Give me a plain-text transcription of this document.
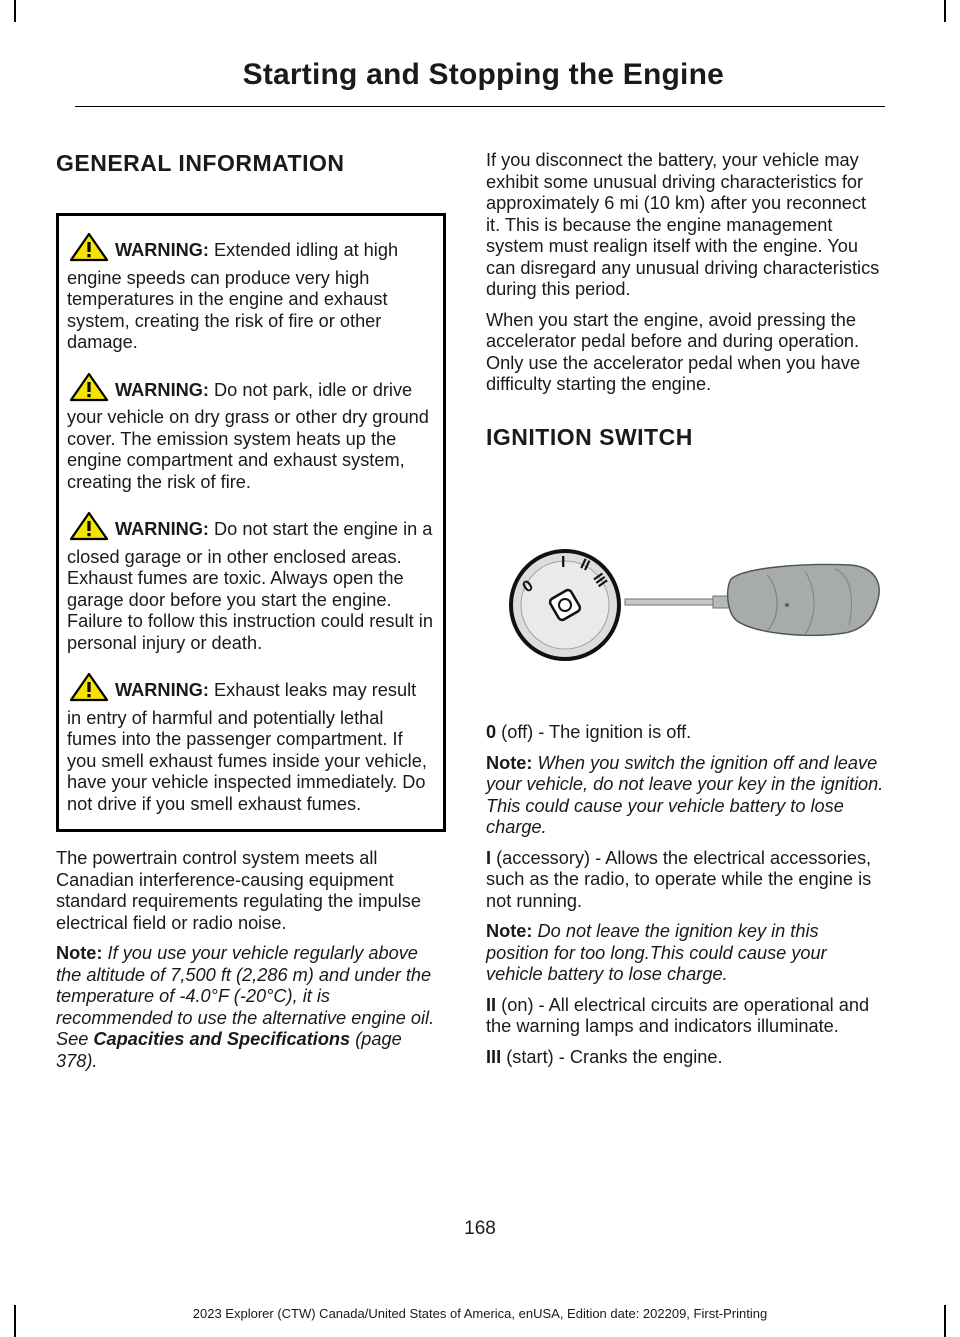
Starting and Stopping the Engine
GENERAL INFORMATION
WARNING: Extended idling at high engine speeds can produce very high temperatures in the engine and exhaust system, creating the risk of fire or other damage.
WARNING: Do not park, idle or drive your vehicle on dry grass or other dry ground cover. The emission system heats up the engine compartment and exhaust system, creating the risk of fire.
WARNING: Do not start the engine in a closed garage or in other enclosed areas. Exhaust fumes are toxic. Always open the garage door before you start the engine. Failure to follow this instruction could result in personal injury or death.
WARNING: Exhaust leaks may result in entry of harmful and potentially lethal fumes into the passenger compartment. If you smell exhaust fumes inside your vehicle, have your vehicle inspected immediately. Do not drive if you smell exhaust fumes.

The powertrain control system meets all Canadian interference-causing equipment standard requirements regulating the impulse electrical field or radio noise.

Note: If you use your vehicle regularly above the altitude of 7,500 ft (2,286 m) and under the temperature of -4.0°F (-20°C), it is recommended to use the alternative engine oil. See Capacities and Specifications (page 378).

If you disconnect the battery, your vehicle may exhibit some unusual driving characteristics for approximately 6 mi (10 km) after you reconnect it. This is because the engine management system must realign itself with the engine. You can disregard any unusual driving characteristics during this period.

When you start the engine, avoid pressing the accelerator pedal before and during operation. Only use the accelerator pedal when you have difficulty starting the engine.

IGNITION SWITCH
0
I II
III

0 (off) - The ignition is off.

Note: When you switch the ignition off and leave your vehicle, do not leave your key in the ignition. This could cause your vehicle battery to lose charge.

I (accessory) - Allows the electrical accessories, such as the radio, to operate while the engine is not running.

Note: Do not leave the ignition key in this position for too long.This could cause your vehicle battery to lose charge.

II (on) - All electrical circuits are operational and the warning lamps and indicators illuminate.

III (start) - Cranks the engine.

168
2023 Explorer (CTW) Canada/United States of America, enUSA, Edition date: 202209, First-Printing
